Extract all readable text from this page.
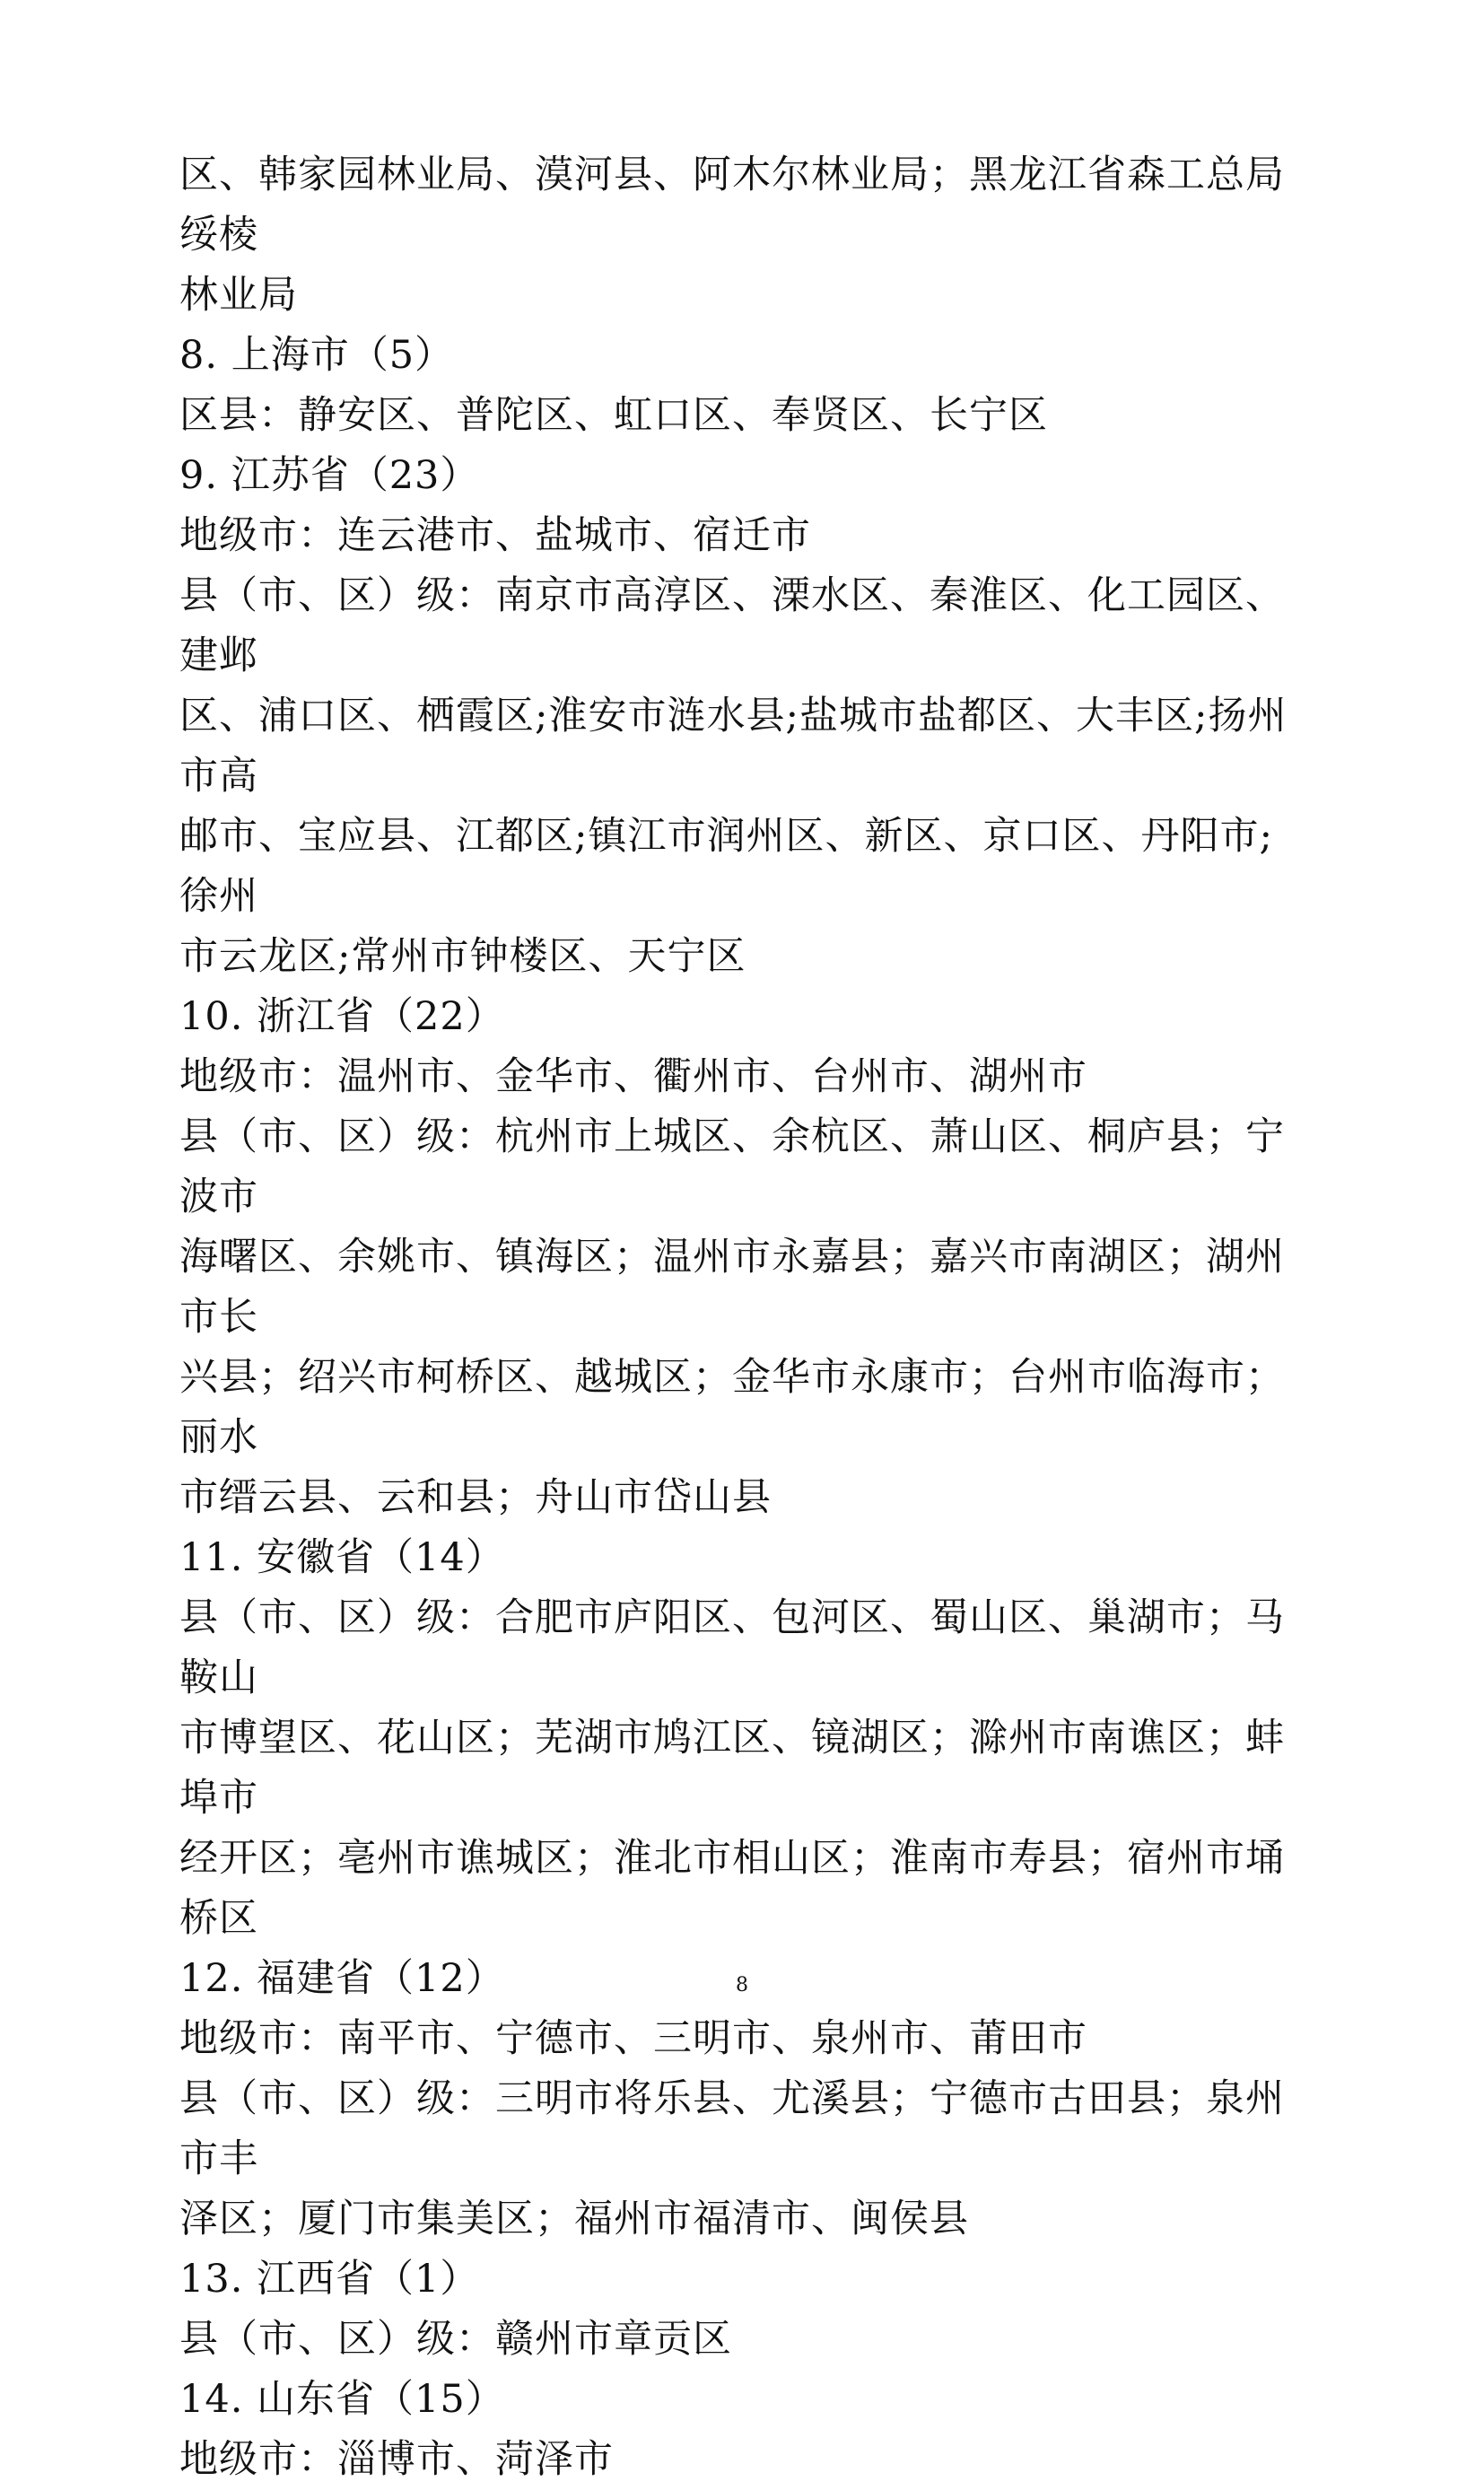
区、韩家园林业局、漠河县、阿木尔林业局；黑龙江省森工总局绥棱
林业局
8. 上海市（5）
区县：静安区、普陀区、虹口区、奉贤区、长宁区
9. 江苏省（23）
地级市：连云港市、盐城市、宿迁市
县（市、区）级：南京市高淳区、溧水区、秦淮区、化工园区、建邺
区、浦口区、栖霞区;淮安市涟水县;盐城市盐都区、大丰区;扬州市高
邮市、宝应县、江都区;镇江市润州区、新区、京口区、丹阳市;徐州
市云龙区;常州市钟楼区、天宁区
10. 浙江省（22）
地级市：温州市、金华市、衢州市、台州市、湖州市
县（市、区）级：杭州市上城区、余杭区、萧山区、桐庐县；宁波市
海曙区、余姚市、镇海区；温州市永嘉县；嘉兴市南湖区；湖州市长
兴县；绍兴市柯桥区、越城区；金华市永康市；台州市临海市；丽水
市缙云县、云和县；舟山市岱山县
11. 安徽省（14）
县（市、区）级：合肥市庐阳区、包河区、蜀山区、巢湖市；马鞍山
市博望区、花山区；芜湖市鸠江区、镜湖区；滁州市南谯区；蚌埠市
经开区；亳州市谯城区；淮北市相山区；淮南市寿县；宿州市埇桥区
12. 福建省（12）
地级市：南平市、宁德市、三明市、泉州市、莆田市
县（市、区）级：三明市将乐县、尤溪县；宁德市古田县；泉州市丰
泽区；厦门市集美区；福州市福清市、闽侯县
13. 江西省（1）
县（市、区）级：赣州市章贡区
14. 山东省（15）
地级市：淄博市、菏泽市
8
